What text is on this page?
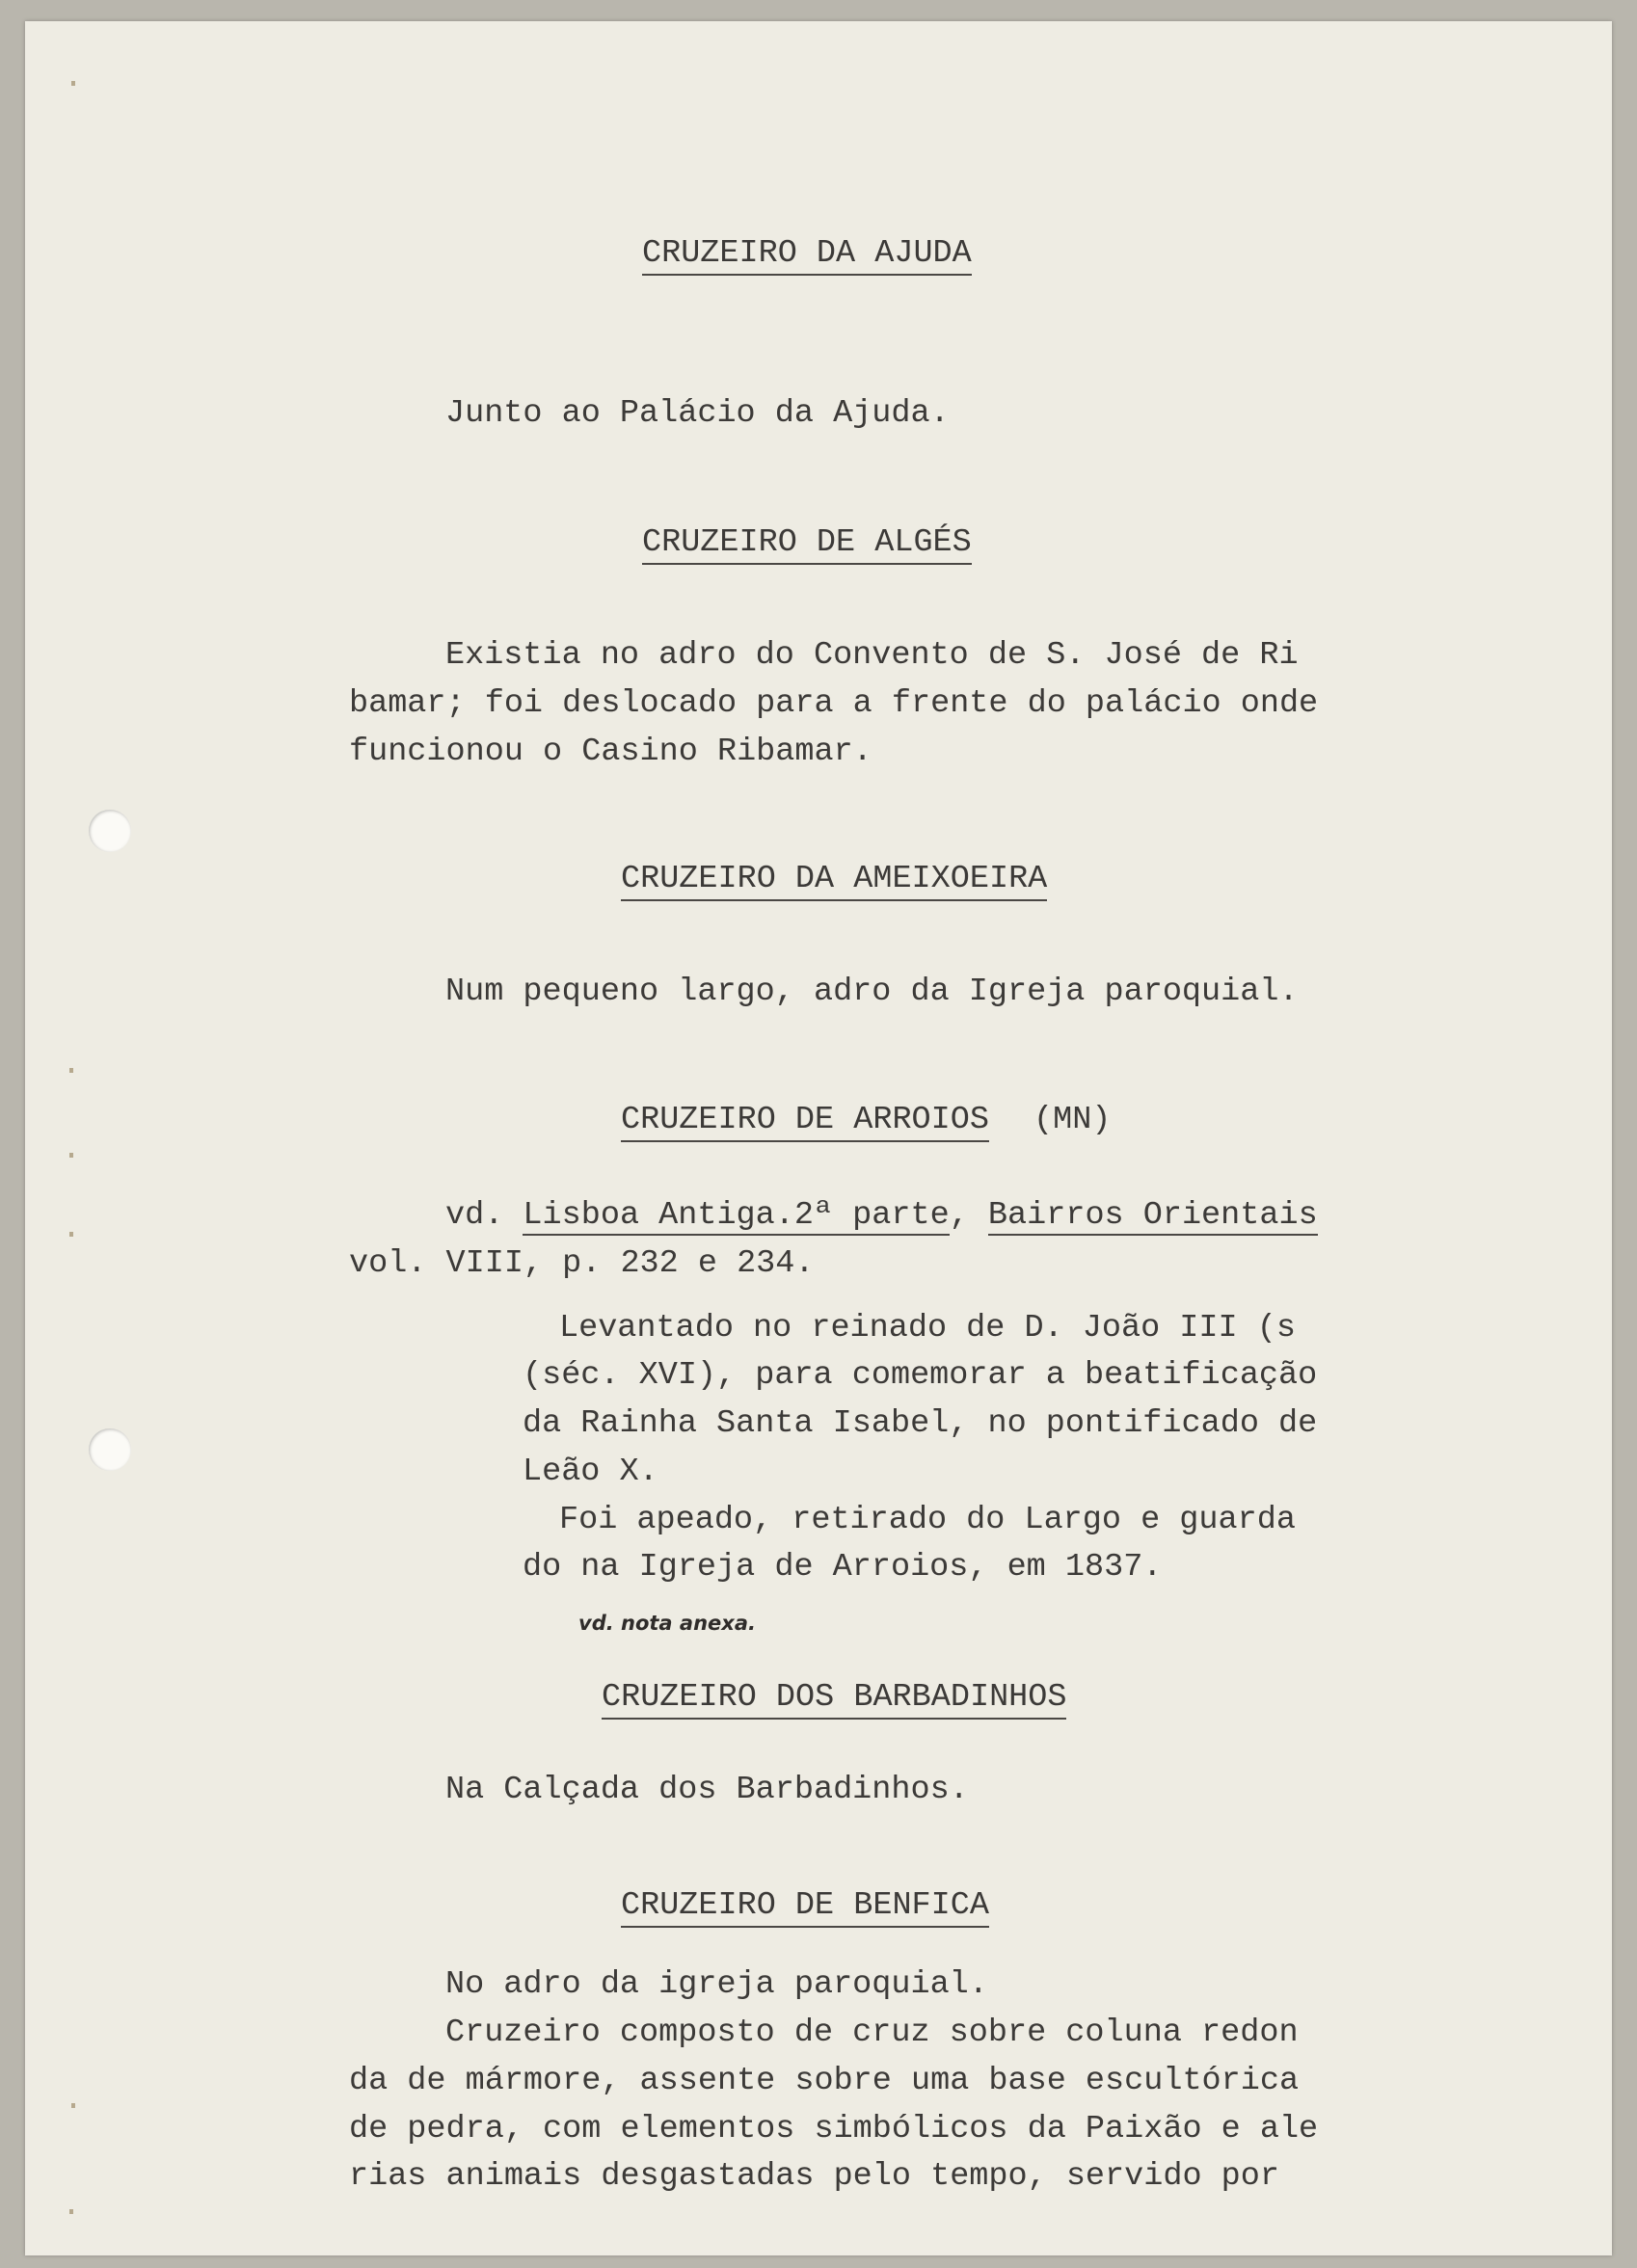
CRUZEIRO DA AJUDA

Junto ao Palácio da Ajuda.

CRUZEIRO DE ALGÉS

Existia no adro do Convento de S. José de Ri

bamar; foi deslocado para a frente do palácio onde

funcionou o Casino Ribamar.

CRUZEIRO DA AMEIXOEIRA

Num pequeno largo, adro da Igreja paroquial.

CRUZEIRO DE ARROIOS (MN)

vd. Lisboa Antiga.2ª parte, Bairros Orientais

vol. VIII, p. 232 e 234.

Levantado no reinado de D. João III (s

(séc. XVI), para comemorar a beatificação

da Rainha Santa Isabel, no pontificado de

Leão X.

Foi apeado, retirado do Largo e guarda

do na Igreja de Arroios, em 1837.

vd. nota anexa.

CRUZEIRO DOS BARBADINHOS

Na Calçada dos Barbadinhos.

CRUZEIRO DE BENFICA

No adro da igreja paroquial.

Cruzeiro composto de cruz sobre coluna redon

da de mármore, assente sobre uma base escultórica

de pedra, com elementos simbólicos da Paixão e ale

rias animais desgastadas pelo tempo, servido por
